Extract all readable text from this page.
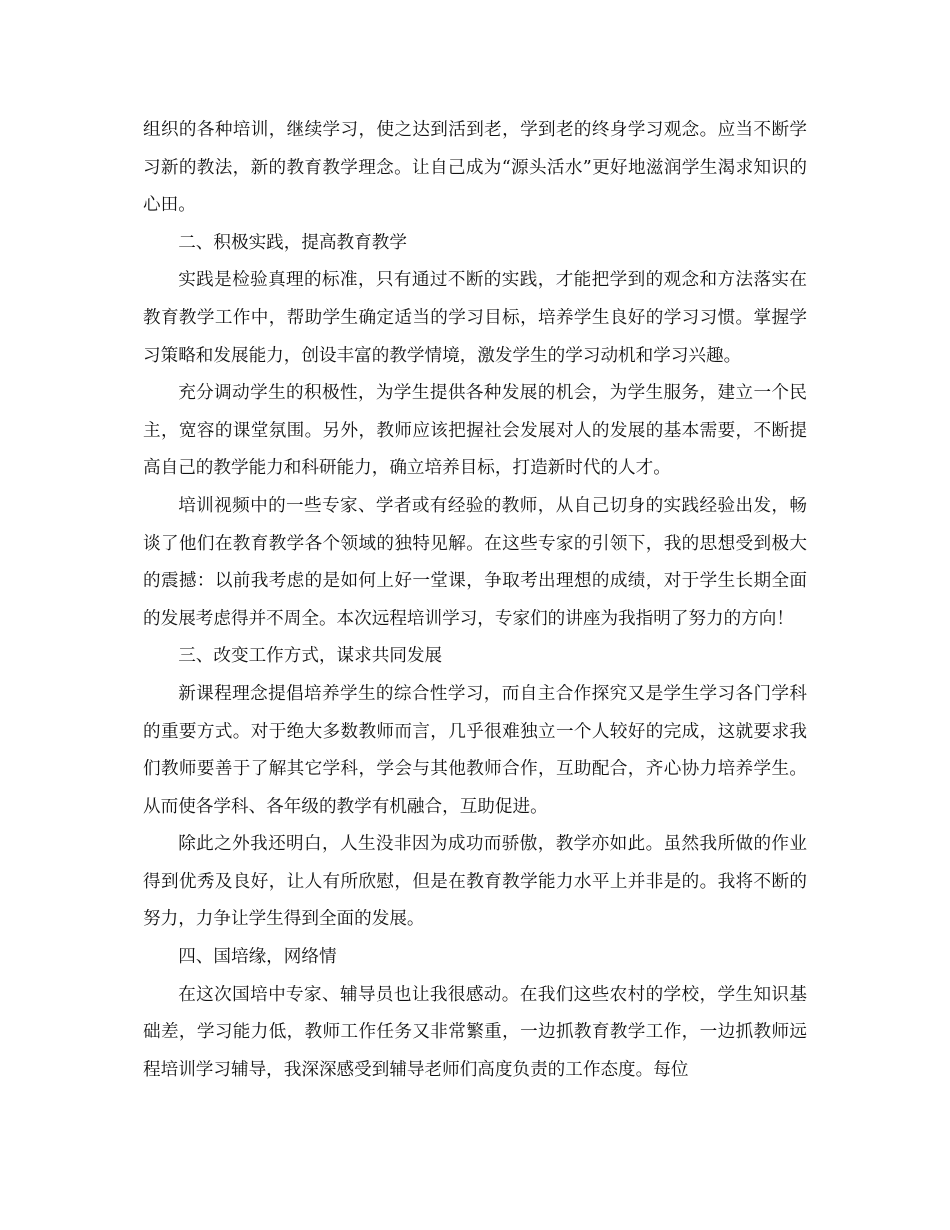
组织的各种培训，继续学习，使之达到活到老，学到老的终身学习观念。应当不断学习新的教法，新的教育教学理念。让自己成为“源头活水”更好地滋润学生渴求知识的心田。

二、积极实践，提高教育教学

实践是检验真理的标准，只有通过不断的实践，才能把学到的观念和方法落实在教育教学工作中，帮助学生确定适当的学习目标，培养学生良好的学习习惯。掌握学习策略和发展能力，创设丰富的教学情境，激发学生的学习动机和学习兴趣。

充分调动学生的积极性，为学生提供各种发展的机会，为学生服务，建立一个民主，宽容的课堂氛围。另外，教师应该把握社会发展对人的发展的基本需要，不断提高自己的教学能力和科研能力，确立培养目标，打造新时代的人才。

培训视频中的一些专家、学者或有经验的教师，从自己切身的实践经验出发，畅谈了他们在教育教学各个领域的独特见解。在这些专家的引领下，我的思想受到极大的震撼：以前我考虑的是如何上好一堂课，争取考出理想的成绩，对于学生长期全面的发展考虑得并不周全。本次远程培训学习，专家们的讲座为我指明了努力的方向！

三、改变工作方式，谋求共同发展

新课程理念提倡培养学生的综合性学习，而自主合作探究又是学生学习各门学科的重要方式。对于绝大多数教师而言，几乎很难独立一个人较好的完成，这就要求我们教师要善于了解其它学科，学会与其他教师合作，互助配合，齐心协力培养学生。从而使各学科、各年级的教学有机融合，互助促进。

除此之外我还明白，人生没非因为成功而骄傲，教学亦如此。虽然我所做的作业得到优秀及良好，让人有所欣慰，但是在教育教学能力水平上并非是的。我将不断的努力，力争让学生得到全面的发展。

四、国培缘，网络情

在这次国培中专家、辅导员也让我很感动。在我们这些农村的学校，学生知识基础差，学习能力低，教师工作任务又非常繁重，一边抓教育教学工作，一边抓教师远程培训学习辅导，我深深感受到辅导老师们高度负责的工作态度。每位
